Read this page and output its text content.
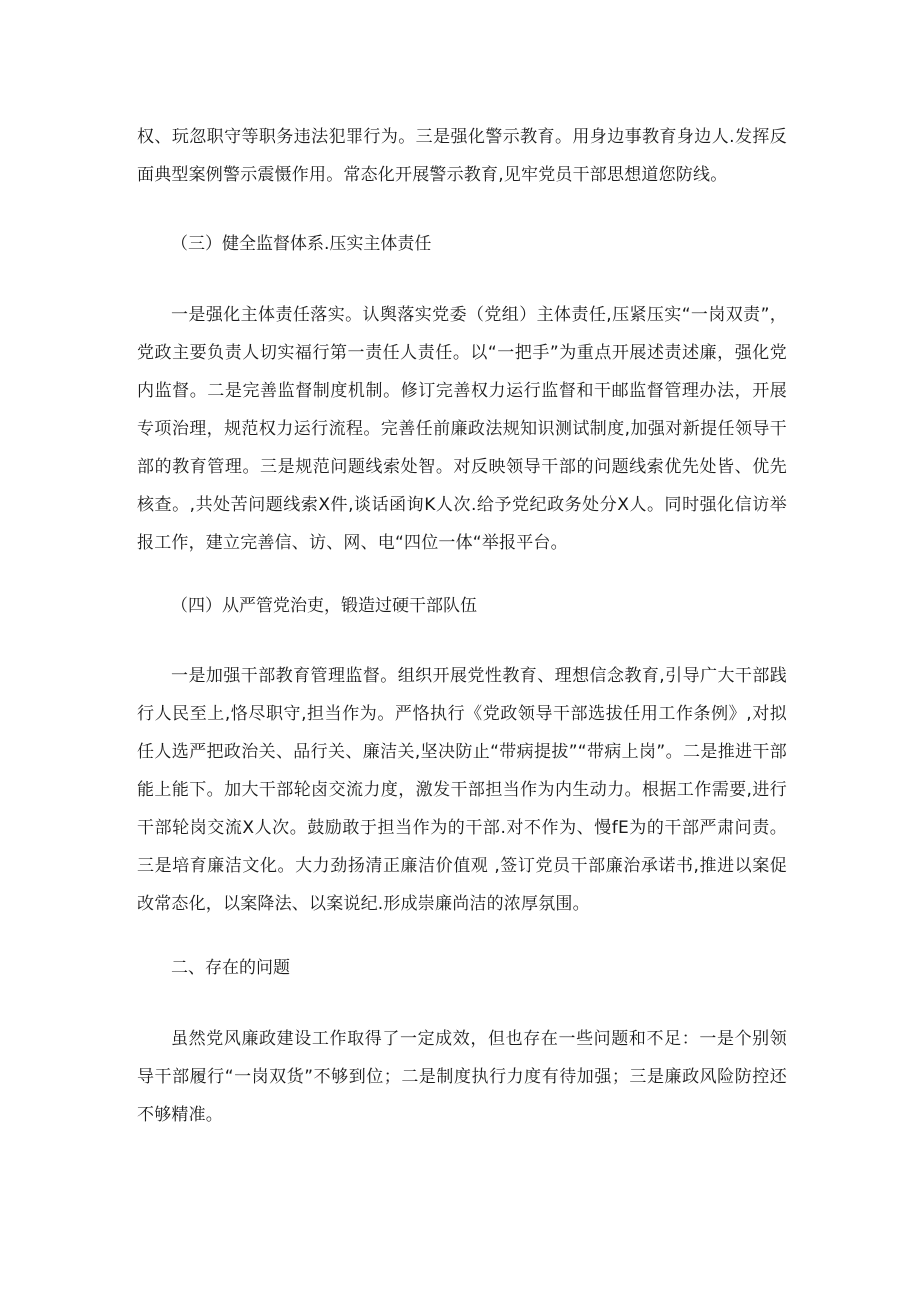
权、玩忽职守等职务违法犯罪行为。三是强化警示教育。用身边事教育身边人.发挥反面典型案例警示震慑作用。常态化开展警示教育,见牢党员干部思想道您防线。

（三）健全监督体系.压实主体责任

一是强化主体责任落实。认舆落实党委（党组）主体责任,压紧压实“一岗双责”，党政主要负责人切实福行第一责任人责任。以“一把手”为重点开展述责述廉，强化党内监督。二是完善监督制度机制。修订完善权力运行监督和干邮监督管理办法，开展专项治理，规范权力运行流程。完善任前廉政法规知识测试制度,加强对新提任领导干部的教育管理。三是规范问题线索处智。对反映领导干部的问题线索优先处皆、优先核查。,共处苦问题线索X件,谈话函询K人次.给予党纪政务处分X人。同时强化信访举报工作，建立完善信、访、网、电“四位一体“举报平台。

（四）从严管党治吏，锻造过硬干部队伍

一是加强干部教育管理监督。组织开展党性教育、理想信念教育,引导广大干部践行人民至上,恪尽职守,担当作为。严恪执行《党政领导干部选拔任用工作条例》,对拟任人选严把政治关、品行关、廉洁关,坚决防止“带病提拔”“带病上岗”。二是推进干部能上能下。加大干部轮卤交流力度，激发干部担当作为内生动力。根据工作需要,进行干部轮岗交流X人次。鼓励敢于担当作为的干部.对不作为、慢fE为的干部严肃问责。三是培育廉洁文化。大力劲扬清正廉洁价值观 ,签订党员干部廉治承诺书,推进以案促改常态化，以案降法、以案说纪.形成崇廉尚洁的浓厚氛围。

二、存在的问题

虽然党风廉政建设工作取得了一定成效，但也存在一些问题和不足：一是个别领导干部履行“一岗双货”不够到位；二是制度执行力度有待加强；三是廉政风险防控还不够精准。
